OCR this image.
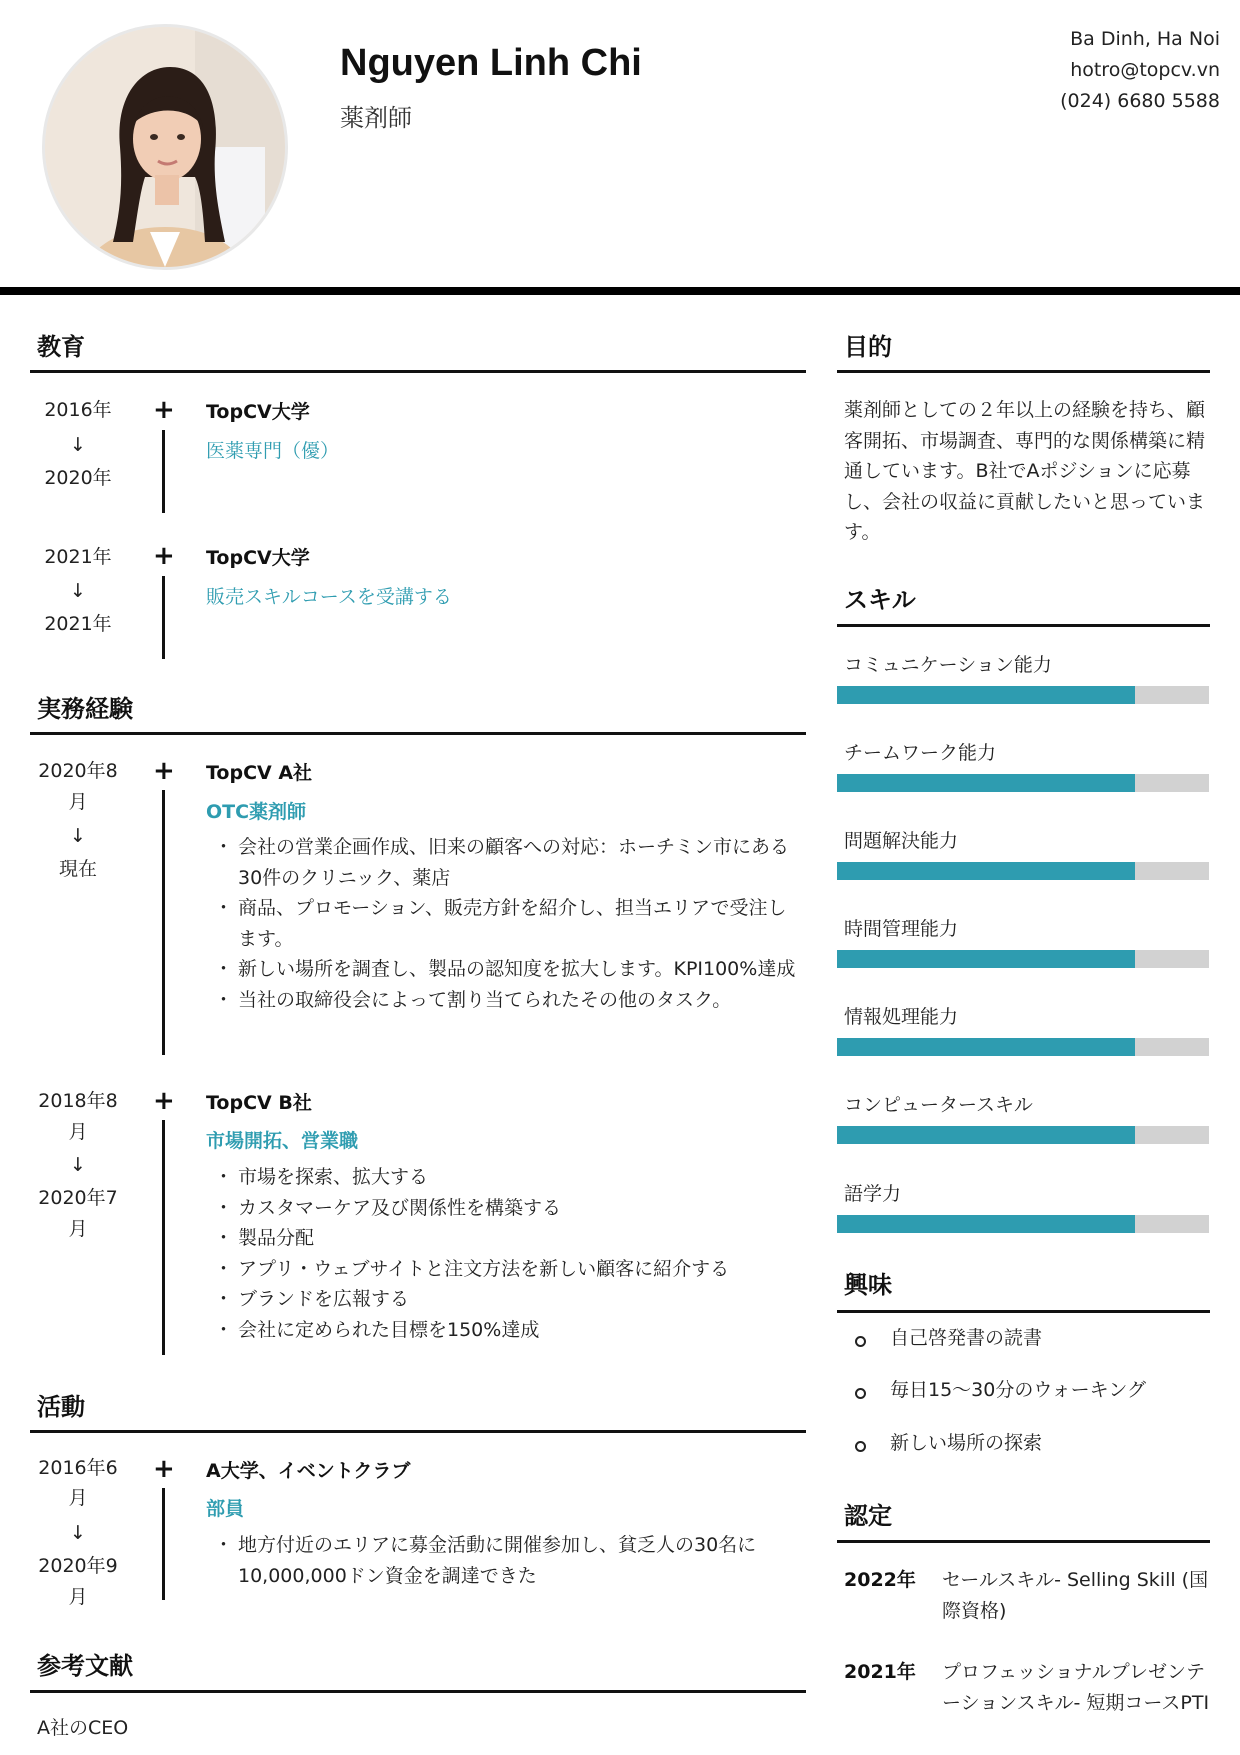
Nguyen Linh Chi
薬剤師
Ba Dinh, Ha Noi
hotro@topcv.vn
(024) 6680 5588
教育
2016年
↓
2020年
+ TopCV大学
医薬専門（優）
2021年
↓
2021年
+ TopCV大学
販売スキルコースを受講する
実務経験
2020年8
月
↓
現在
+ TopCV A社
OTC薬剤師
・ 会社の営業企画作成、旧来の顧客への対応：ホーチミン市にある30件のクリニック、薬店
・ 商品、プロモーション、販売方針を紹介し、担当エリアで受注します。
・ 新しい場所を調査し、製品の認知度を拡大します。KPI100%達成
・ 当社の取締役会によって割り当てられたその他のタスク。
2018年8
月
↓
2020年7
月
+ TopCV B社
市場開拓、営業職
・ 市場を探索、拡大する
・ カスタマーケア及び関係性を構築する
・ 製品分配
・ アプリ・ウェブサイトと注文方法を新しい顧客に紹介する
・ ブランドを広報する
・ 会社に定められた目標を150%達成
活動
2016年6
月
↓
2020年9
月
+ A大学、イベントクラブ
部員
・ 地方付近のエリアに募金活動に開催参加し、貧乏人の30名に10,000,000ドン資金を調達できた
参考文献
A社のCEO
目的
薬剤師としての２年以上の経験を持ち、顧客開拓、市場調査、専門的な関係構築に精通しています。B社でAポジションに応募し、会社の収益に貢献したいと思っています。
スキル
コミュニケーション能力
チームワーク能力
問題解決能力
時間管理能力
情報処理能力
コンピュータースキル
語学力
興味
自己啓発書の読書
毎日15～30分のウォーキング
新しい場所の探索
認定
2022年 セールスキル- Selling Skill (国際資格)
2021年 プロフェッショナルプレゼンテーションスキル- 短期コースPTI
